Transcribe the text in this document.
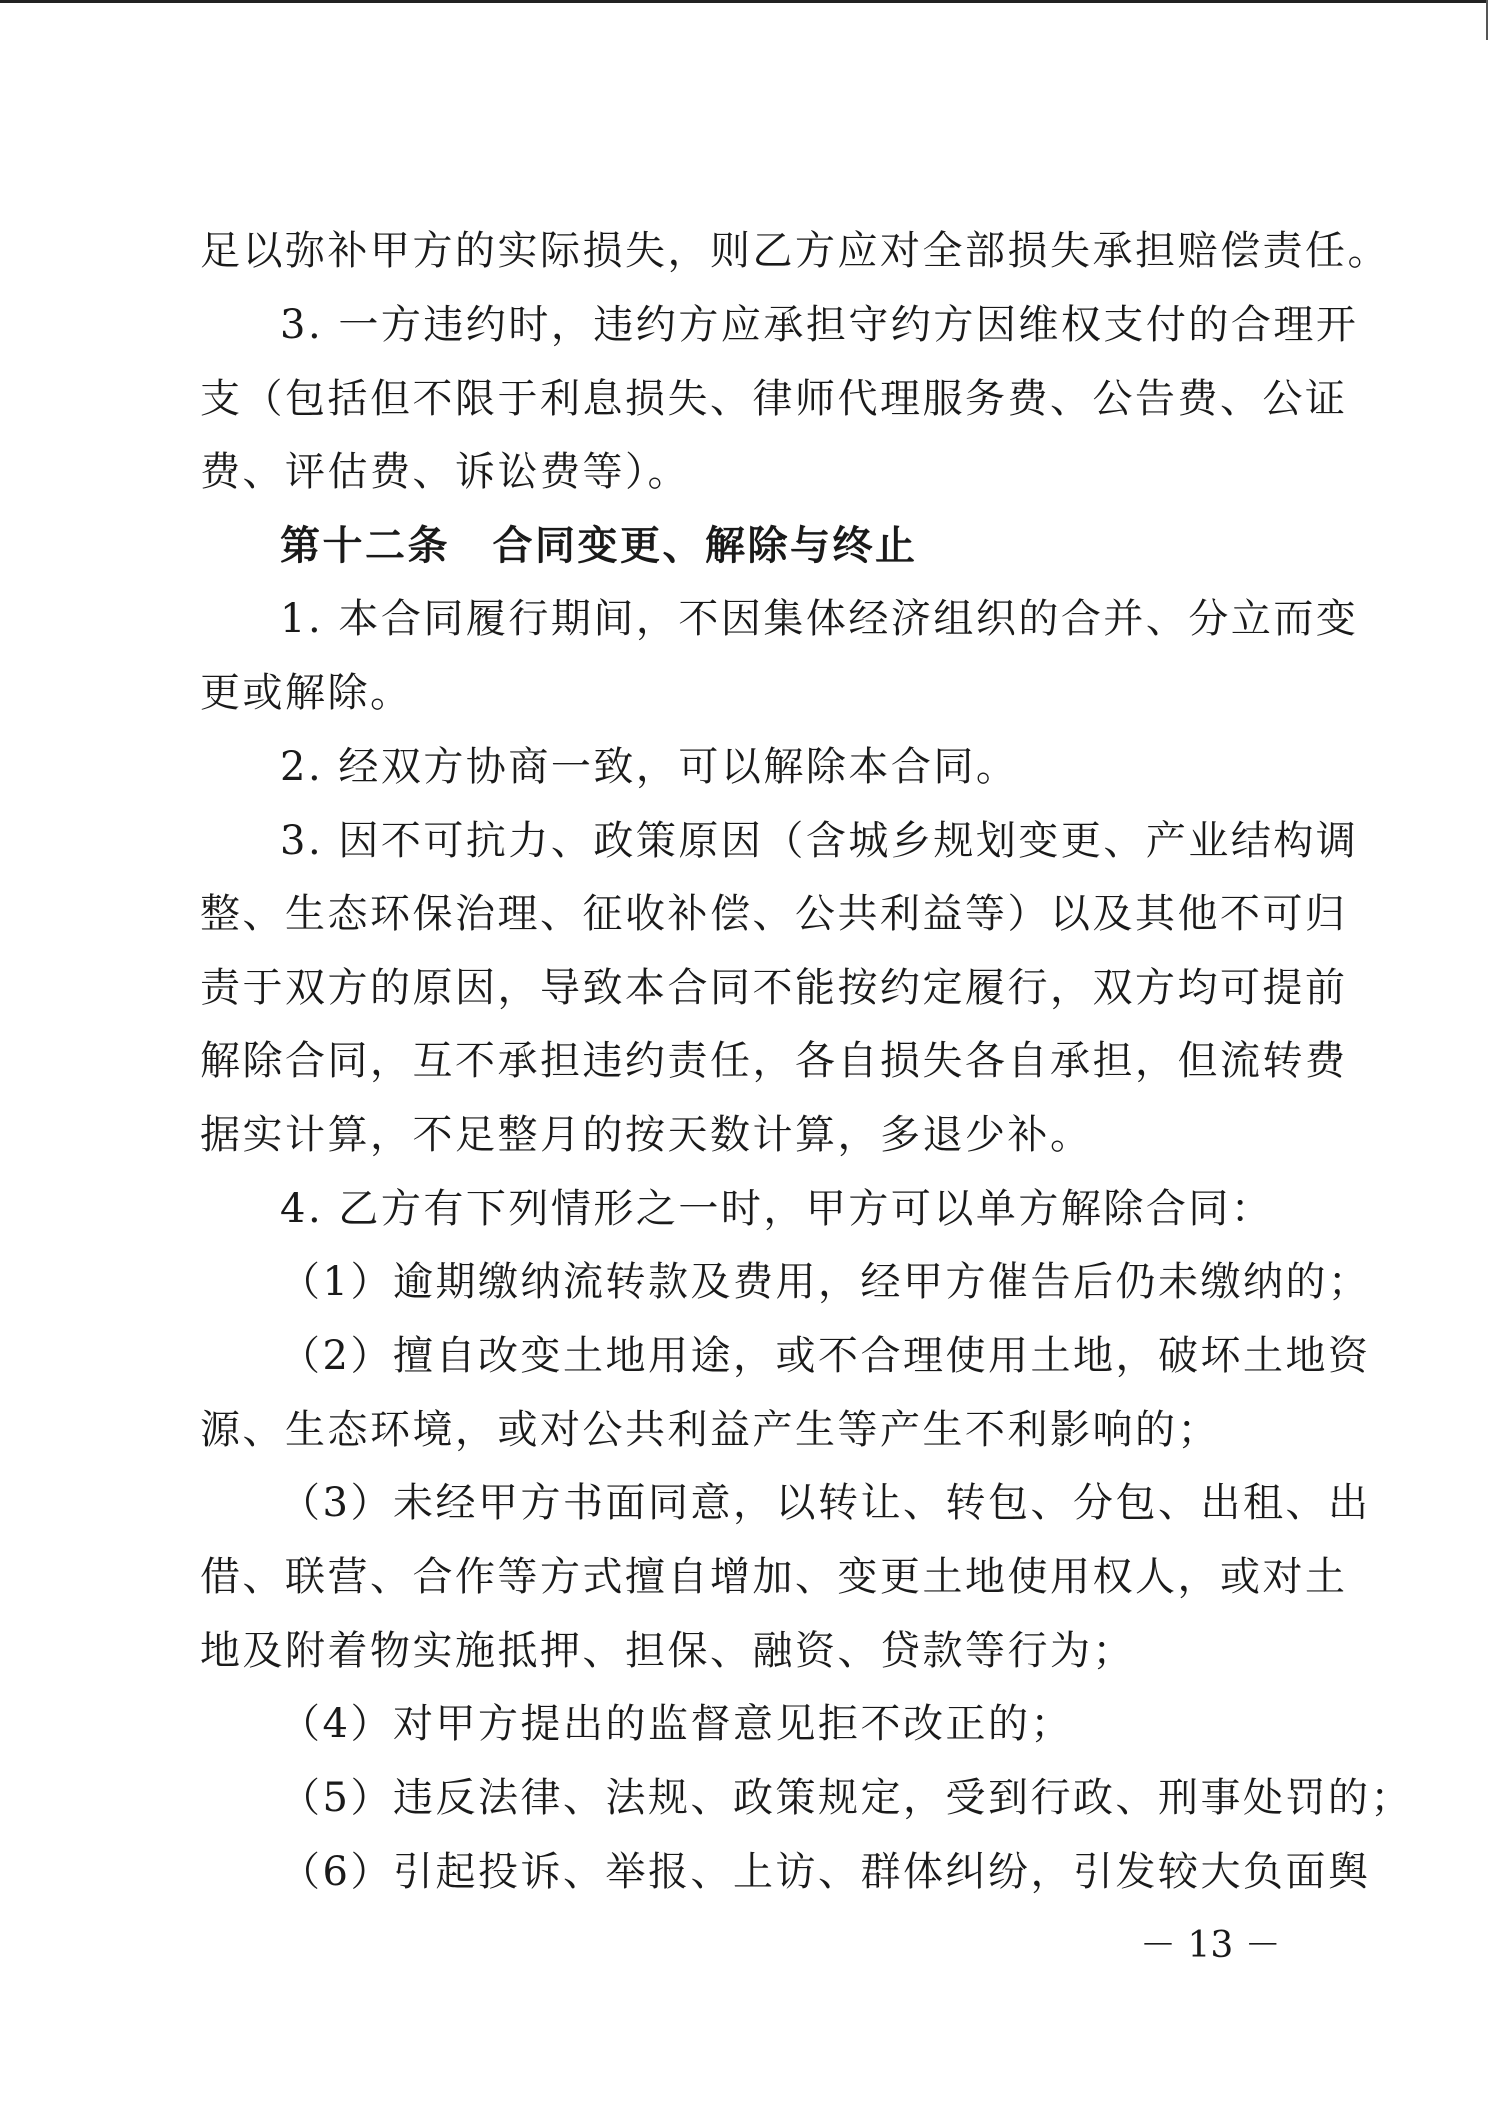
足以弥补甲方的实际损失，则乙方应对全部损失承担赔偿责任。
3. 一方违约时，违约方应承担守约方因维权支付的合理开
支（包括但不限于利息损失、律师代理服务费、公告费、公证
费、评估费、诉讼费等）。
第十二条　合同变更、解除与终止
1. 本合同履行期间，不因集体经济组织的合并、分立而变
更或解除。
2. 经双方协商一致，可以解除本合同。
3. 因不可抗力、政策原因（含城乡规划变更、产业结构调
整、生态环保治理、征收补偿、公共利益等）以及其他不可归
责于双方的原因，导致本合同不能按约定履行，双方均可提前
解除合同，互不承担违约责任，各自损失各自承担，但流转费
据实计算，不足整月的按天数计算，多退少补。
4. 乙方有下列情形之一时，甲方可以单方解除合同：
（1）逾期缴纳流转款及费用，经甲方催告后仍未缴纳的；
（2）擅自改变土地用途，或不合理使用土地，破坏土地资
源、生态环境，或对公共利益产生等产生不利影响的；
（3）未经甲方书面同意，以转让、转包、分包、出租、出
借、联营、合作等方式擅自增加、变更土地使用权人，或对土
地及附着物实施抵押、担保、融资、贷款等行为；
（4）对甲方提出的监督意见拒不改正的；
（5）违反法律、法规、政策规定，受到行政、刑事处罚的；
（6）引起投诉、举报、上访、群体纠纷，引发较大负面舆
－ 13 －
